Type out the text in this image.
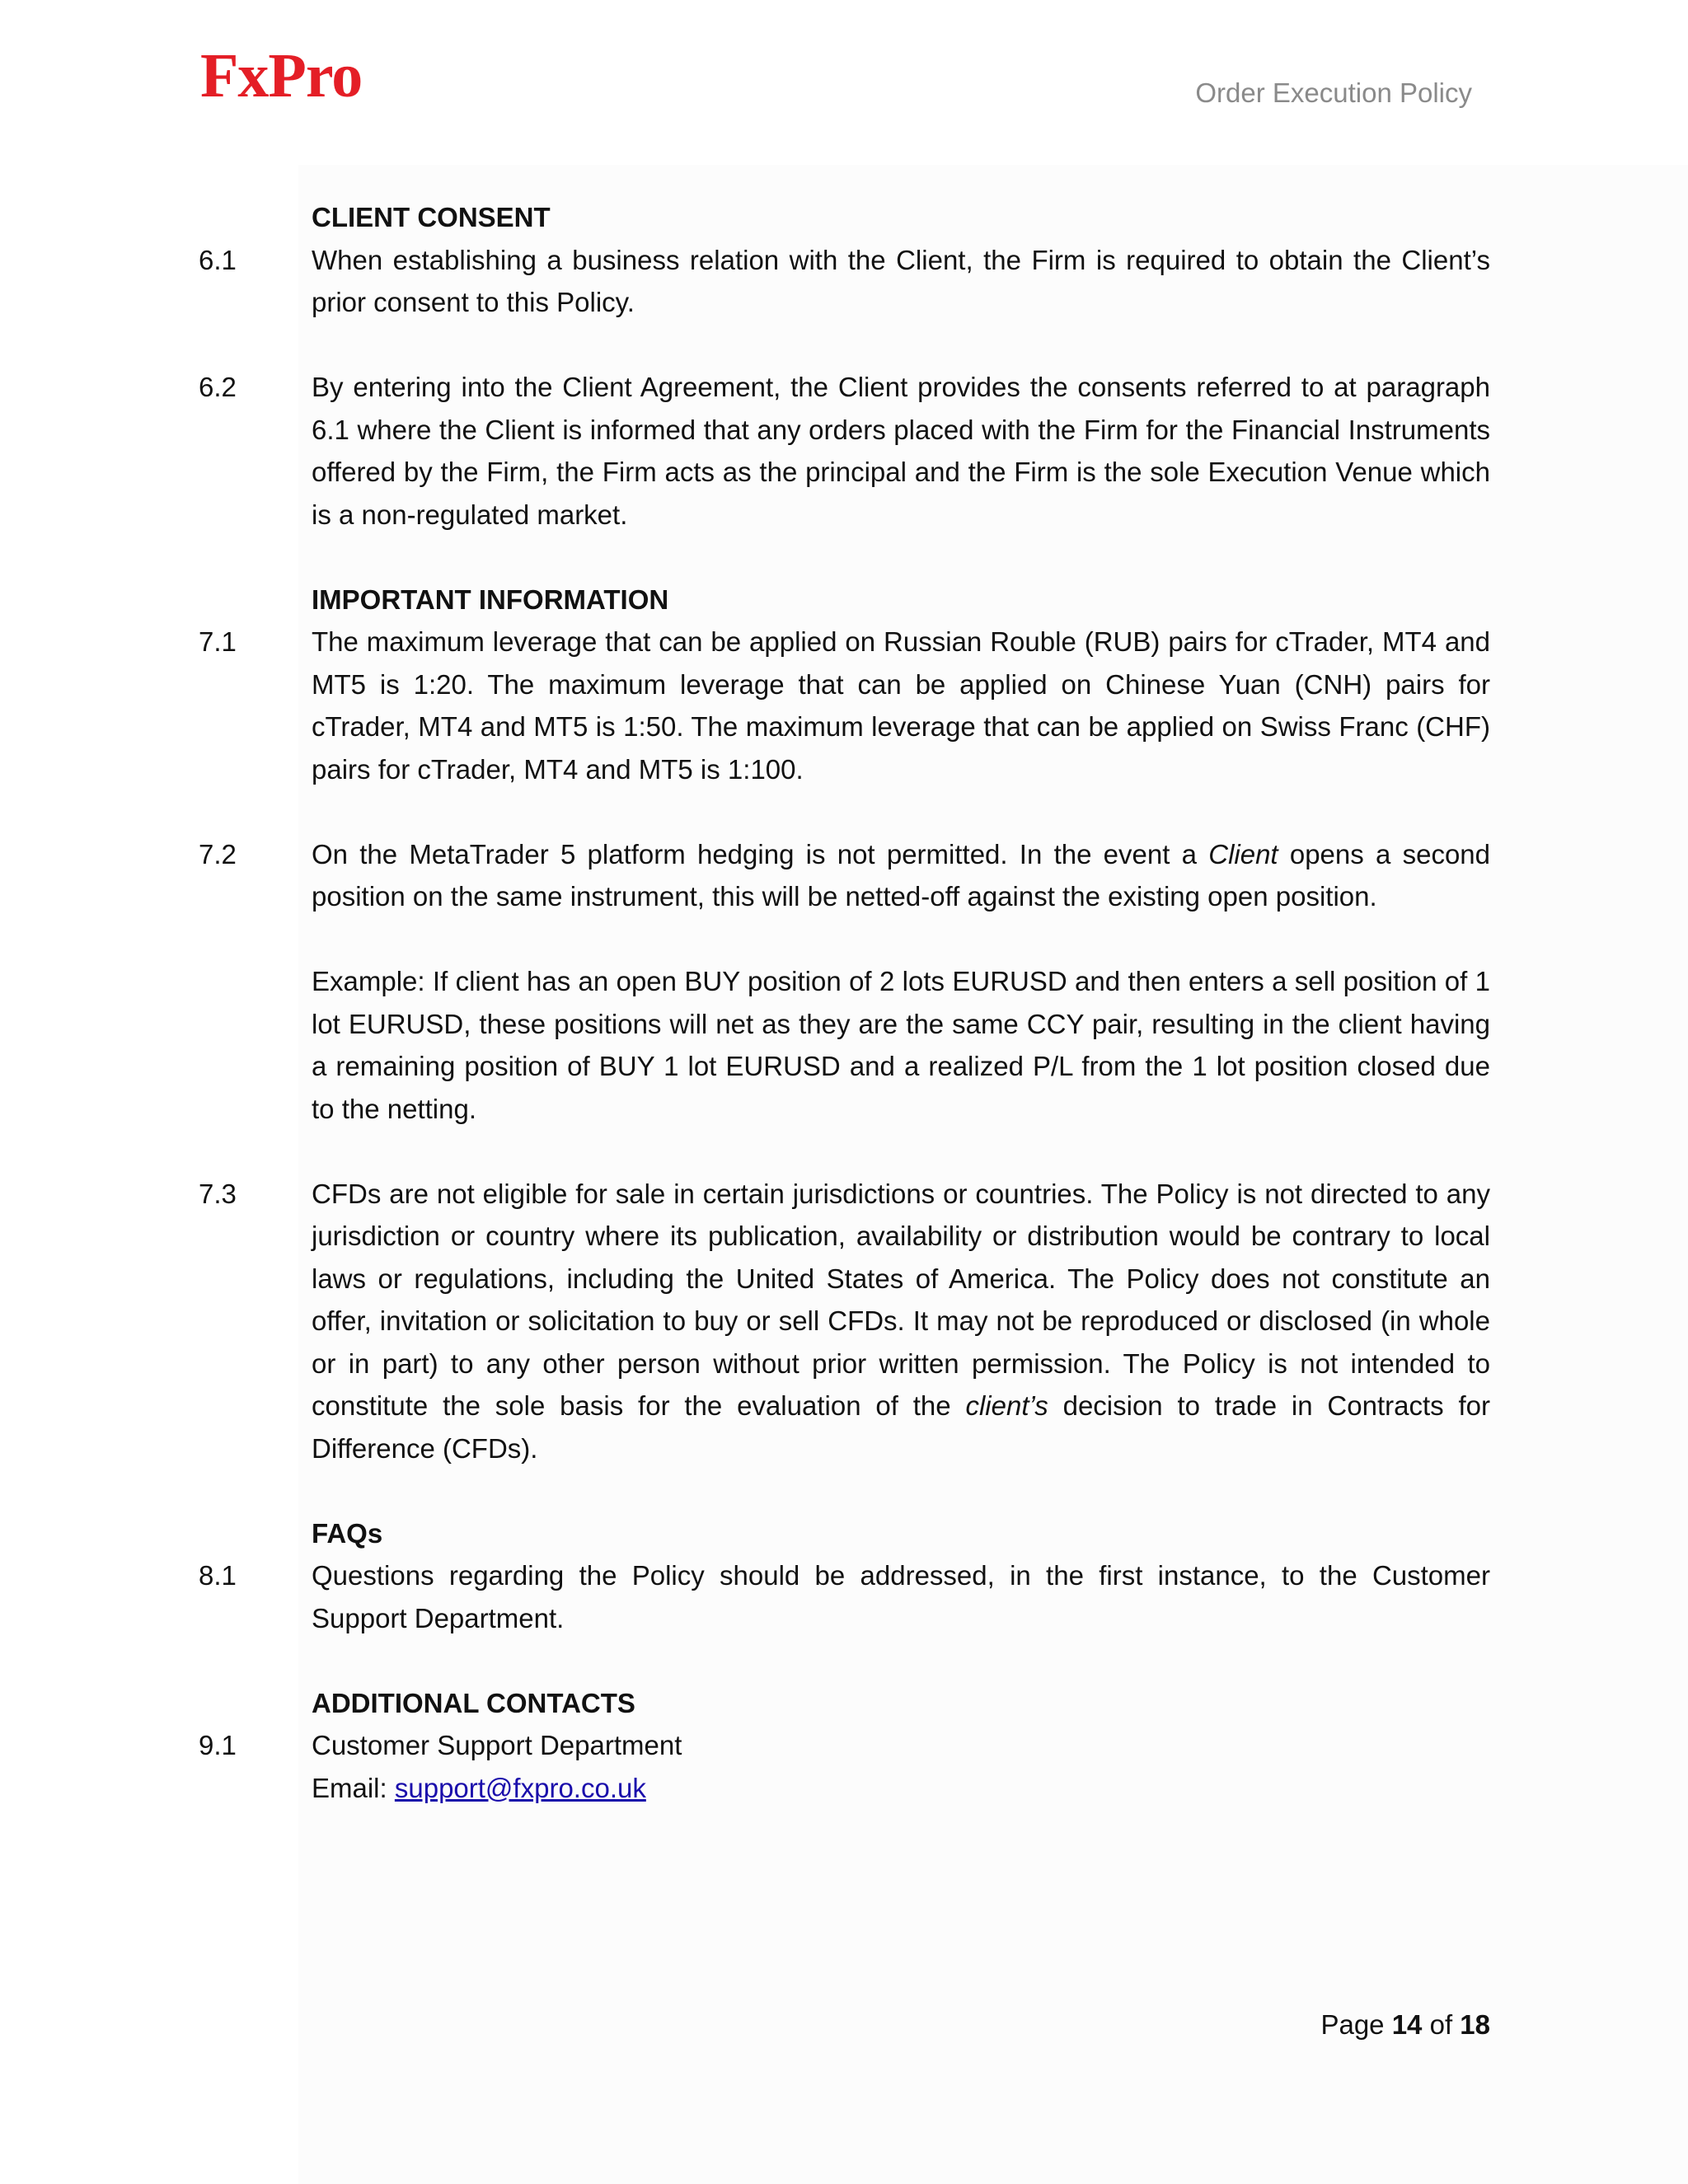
FxPro	Order Execution Policy
CLIENT CONSENT
6.1	When establishing a business relation with the Client, the Firm is required to obtain the Client’s prior consent to this Policy.
6.2	By entering into the Client Agreement, the Client provides the consents referred to at paragraph 6.1 where the Client is informed that any orders placed with the Firm for the Financial Instruments offered by the Firm, the Firm acts as the principal and the Firm is the sole Execution Venue which is a non-regulated market.
IMPORTANT INFORMATION
7.1	The maximum leverage that can be applied on Russian Rouble (RUB) pairs for cTrader, MT4 and MT5 is 1:20. The maximum leverage that can be applied on Chinese Yuan (CNH) pairs for cTrader, MT4 and MT5 is 1:50. The maximum leverage that can be applied on Swiss Franc (CHF) pairs for cTrader, MT4 and MT5 is 1:100.
7.2	On the MetaTrader 5 platform hedging is not permitted. In the event a Client opens a second position on the same instrument, this will be netted-off against the existing open position.
Example: If client has an open BUY position of 2 lots EURUSD and then enters a sell position of 1 lot EURUSD, these positions will net as they are the same CCY pair, resulting in the client having a remaining position of BUY 1 lot EURUSD and a realized P/L from the 1 lot position closed due to the netting.
7.3	CFDs are not eligible for sale in certain jurisdictions or countries. The Policy is not directed to any jurisdiction or country where its publication, availability or distribution would be contrary to local laws or regulations, including the United States of America. The Policy does not constitute an offer, invitation or solicitation to buy or sell CFDs. It may not be reproduced or disclosed (in whole or in part) to any other person without prior written permission. The Policy is not intended to constitute the sole basis for the evaluation of the client’s decision to trade in Contracts for Difference (CFDs).
FAQs
8.1	Questions regarding the Policy should be addressed, in the first instance, to the Customer Support Department.
ADDITIONAL CONTACTS
9.1	Customer Support Department
Email: support@fxpro.co.uk
Page 14 of 18
